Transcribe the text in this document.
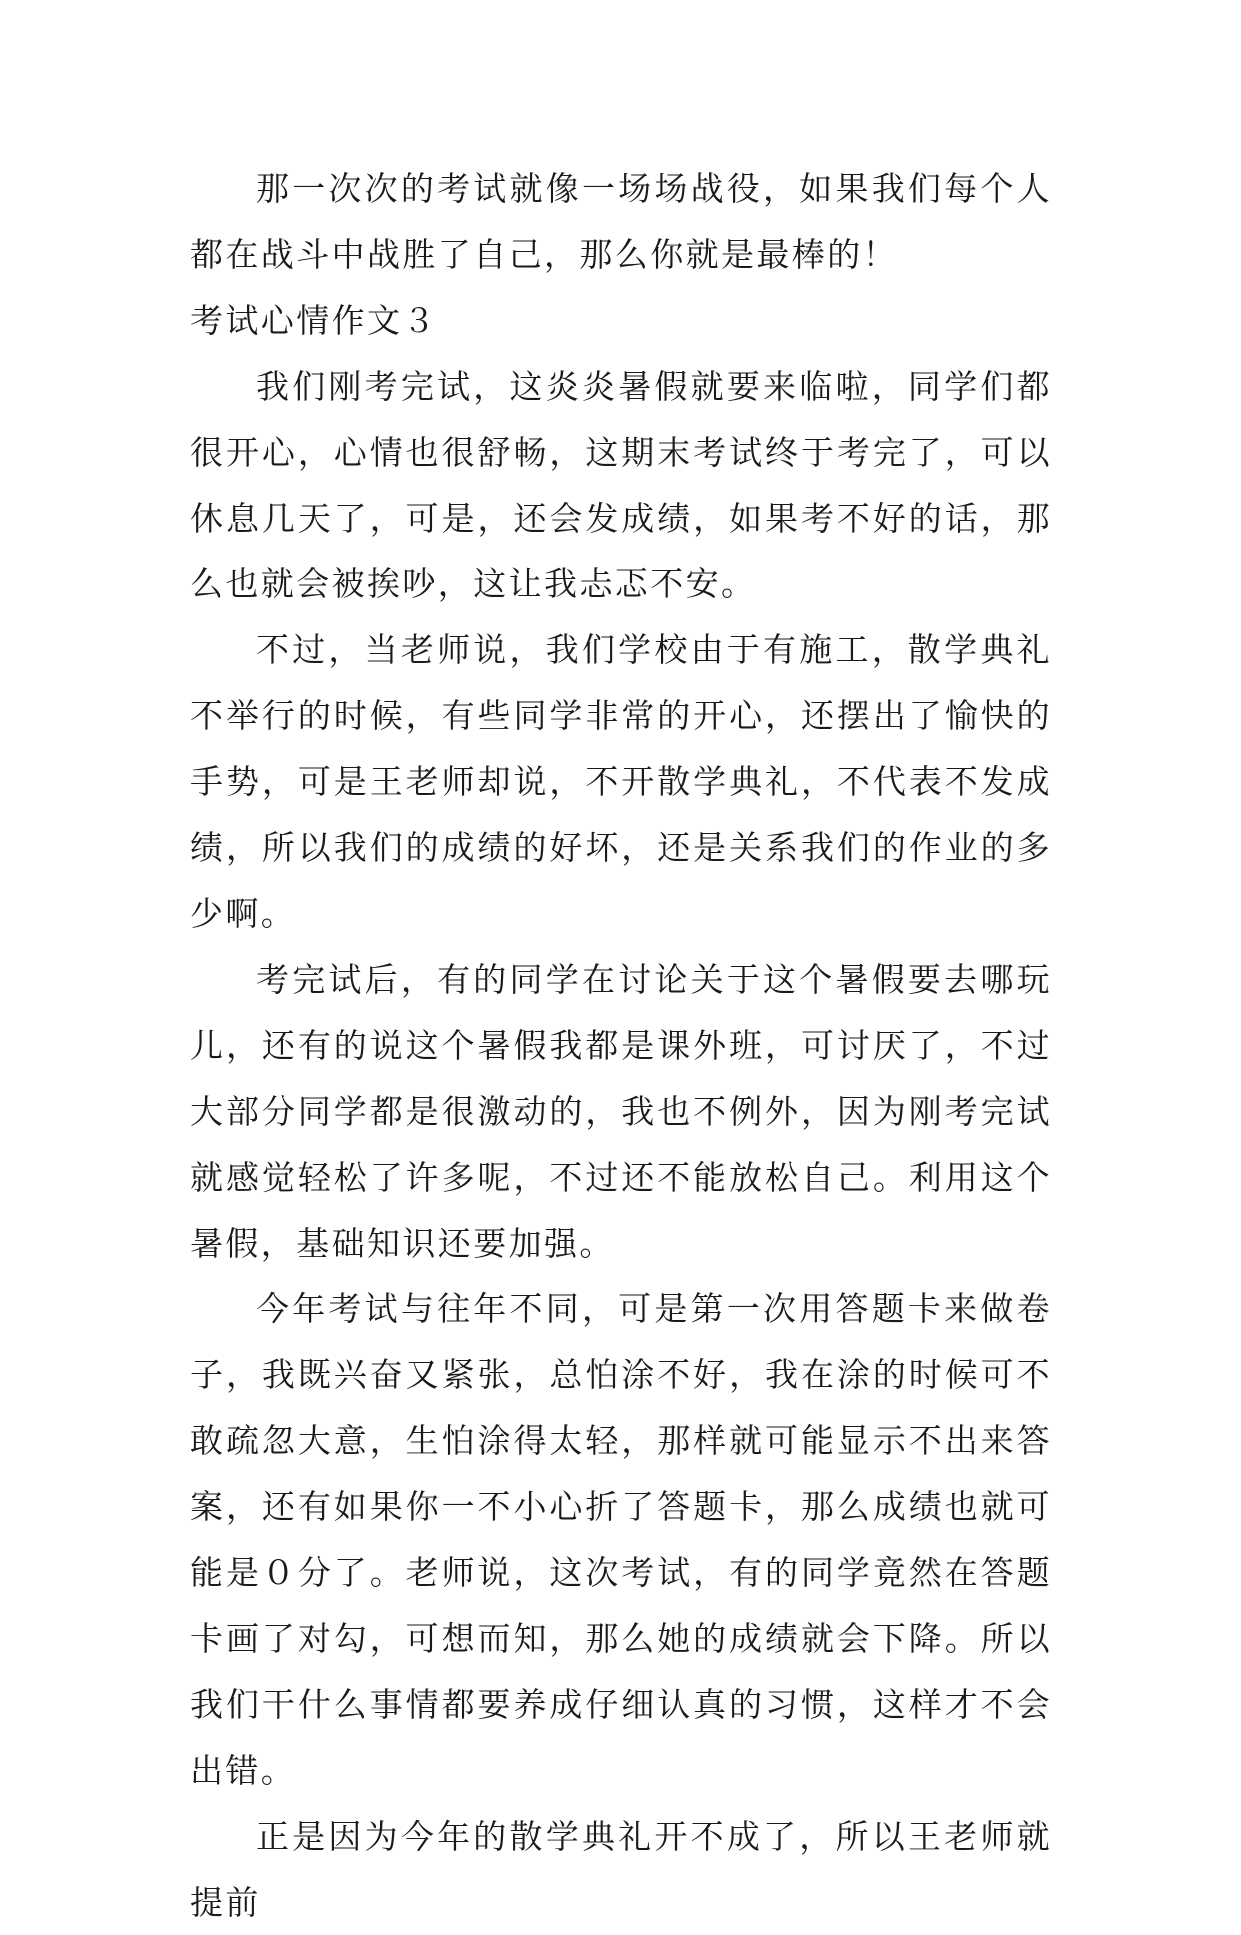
那一次次的考试就像一场场战役，如果我们每个人都在战斗中战胜了自己，那么你就是最棒的！

考试心情作文３

我们刚考完试，这炎炎暑假就要来临啦，同学们都很开心，心情也很舒畅，这期末考试终于考完了，可以休息几天了，可是，还会发成绩，如果考不好的话，那么也就会被挨吵，这让我忐忑不安。

不过，当老师说，我们学校由于有施工，散学典礼不举行的时候，有些同学非常的开心，还摆出了愉快的手势，可是王老师却说，不开散学典礼，不代表不发成绩，所以我们的成绩的好坏，还是关系我们的作业的多少啊。

考完试后，有的同学在讨论关于这个暑假要去哪玩儿，还有的说这个暑假我都是课外班，可讨厌了，不过大部分同学都是很激动的，我也不例外，因为刚考完试就感觉轻松了许多呢，不过还不能放松自己。利用这个暑假，基础知识还要加强。

今年考试与往年不同，可是第一次用答题卡来做卷子，我既兴奋又紧张，总怕涂不好，我在涂的时候可不敢疏忽大意，生怕涂得太轻，那样就可能显示不出来答案，还有如果你一不小心折了答题卡，那么成绩也就可能是０分了。老师说，这次考试，有的同学竟然在答题卡画了对勾，可想而知，那么她的成绩就会下降。所以我们干什么事情都要养成仔细认真的习惯，这样才不会出错。

正是因为今年的散学典礼开不成了，所以王老师就提前
